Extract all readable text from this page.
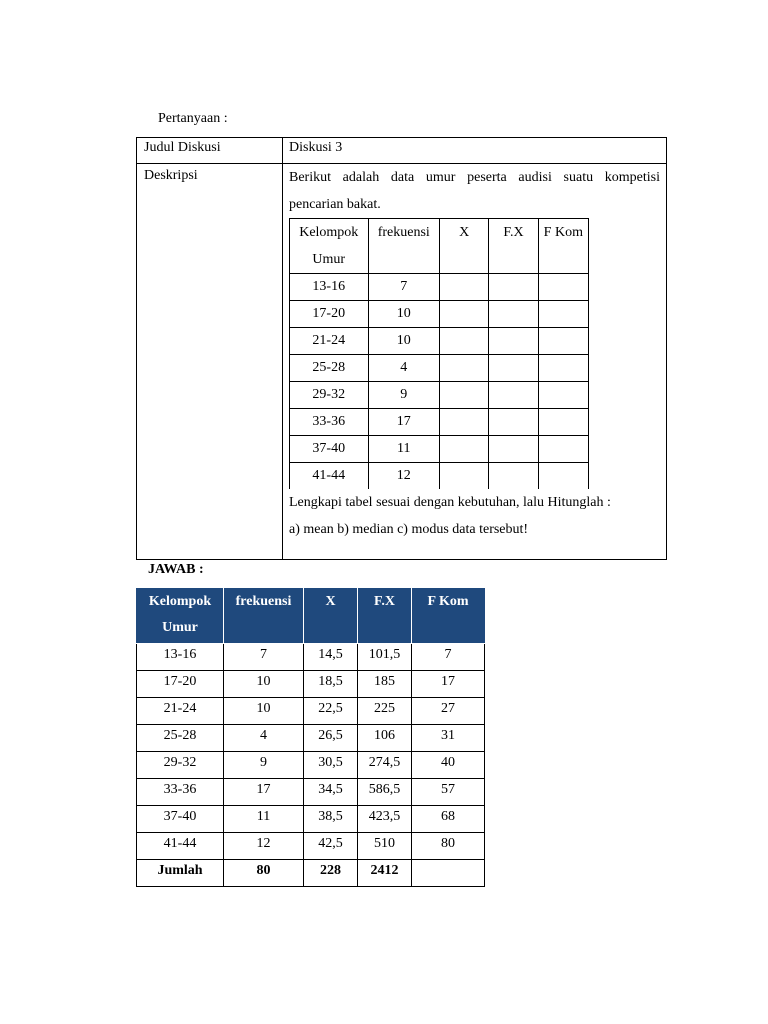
Pertanyaan :
Judul Diskusi	Diskusi 3
Deskripsi	Berikut adalah data umur peserta audisi suatu kompetisi
pencarian bakat.
Kelompok Umur	frekuensi	X	F.X	F Kom
13-16	7			
17-20	10			
21-24	10			
25-28	4			
29-32	9			
33-36	17			
37-40	11			
41-44	12			
Lengkapi tabel sesuai dengan kebutuhan, lalu Hitunglah :
a) mean b) median c) modus data tersebut!
JAWAB :
Kelompok Umur	frekuensi	X	F.X	F Kom
13-16	7	14,5	101,5	7
17-20	10	18,5	185	17
21-24	10	22,5	225	27
25-28	4	26,5	106	31
29-32	9	30,5	274,5	40
33-36	17	34,5	586,5	57
37-40	11	38,5	423,5	68
41-44	12	42,5	510	80
Jumlah	80	228	2412	
